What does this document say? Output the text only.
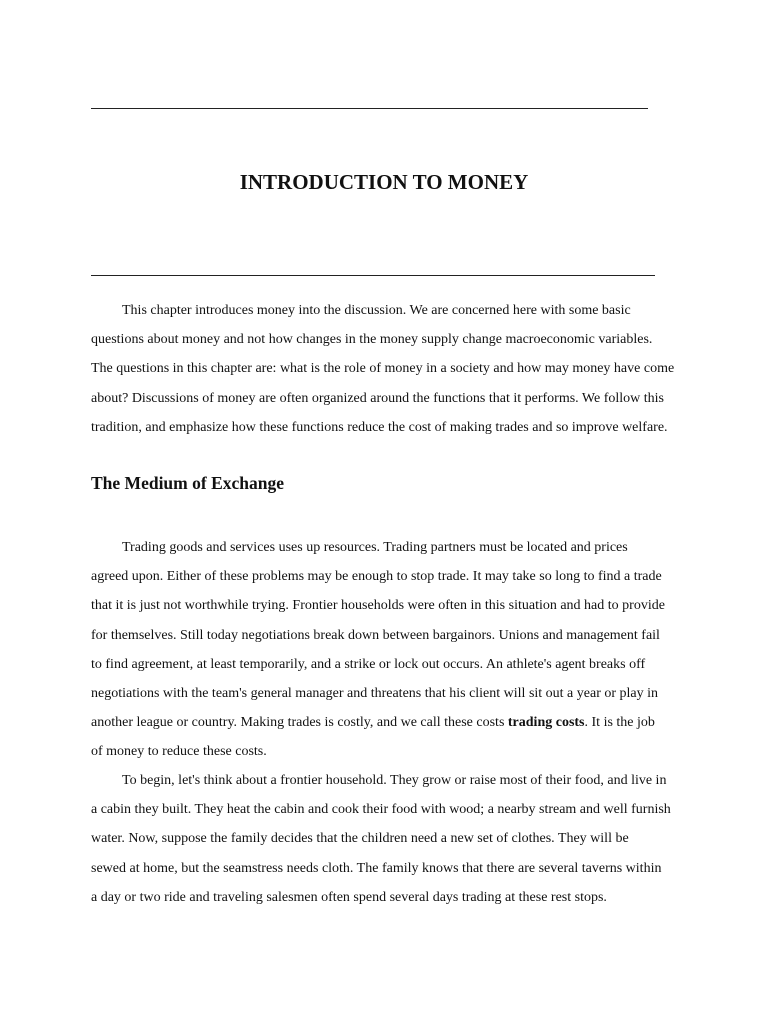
INTRODUCTION TO MONEY

This chapter introduces money into the discussion. We are concerned here with some basic
questions about money and not how changes in the money supply change macroeconomic variables.
The questions in this chapter are: what is the role of money in a society and how may money have come
about? Discussions of money are often organized around the functions that it performs. We follow this
tradition, and emphasize how these functions reduce the cost of making trades and so improve welfare.

The Medium of Exchange

Trading goods and services uses up resources. Trading partners must be located and prices
agreed upon. Either of these problems may be enough to stop trade. It may take so long to find a trade
that it is just not worthwhile trying. Frontier households were often in this situation and had to provide
for themselves. Still today negotiations break down between bargainors. Unions and management fail
to find agreement, at least temporarily, and a strike or lock out occurs. An athlete's agent breaks off
negotiations with the team's general manager and threatens that his client will sit out a year or play in
another league or country. Making trades is costly, and we call these costs trading costs. It is the job
of money to reduce these costs.

To begin, let's think about a frontier household. They grow or raise most of their food, and live in
a cabin they built. They heat the cabin and cook their food with wood; a nearby stream and well furnish
water. Now, suppose the family decides that the children need a new set of clothes. They will be
sewed at home, but the seamstress needs cloth. The family knows that there are several taverns within
a day or two ride and traveling salesmen often spend several days trading at these rest stops.
